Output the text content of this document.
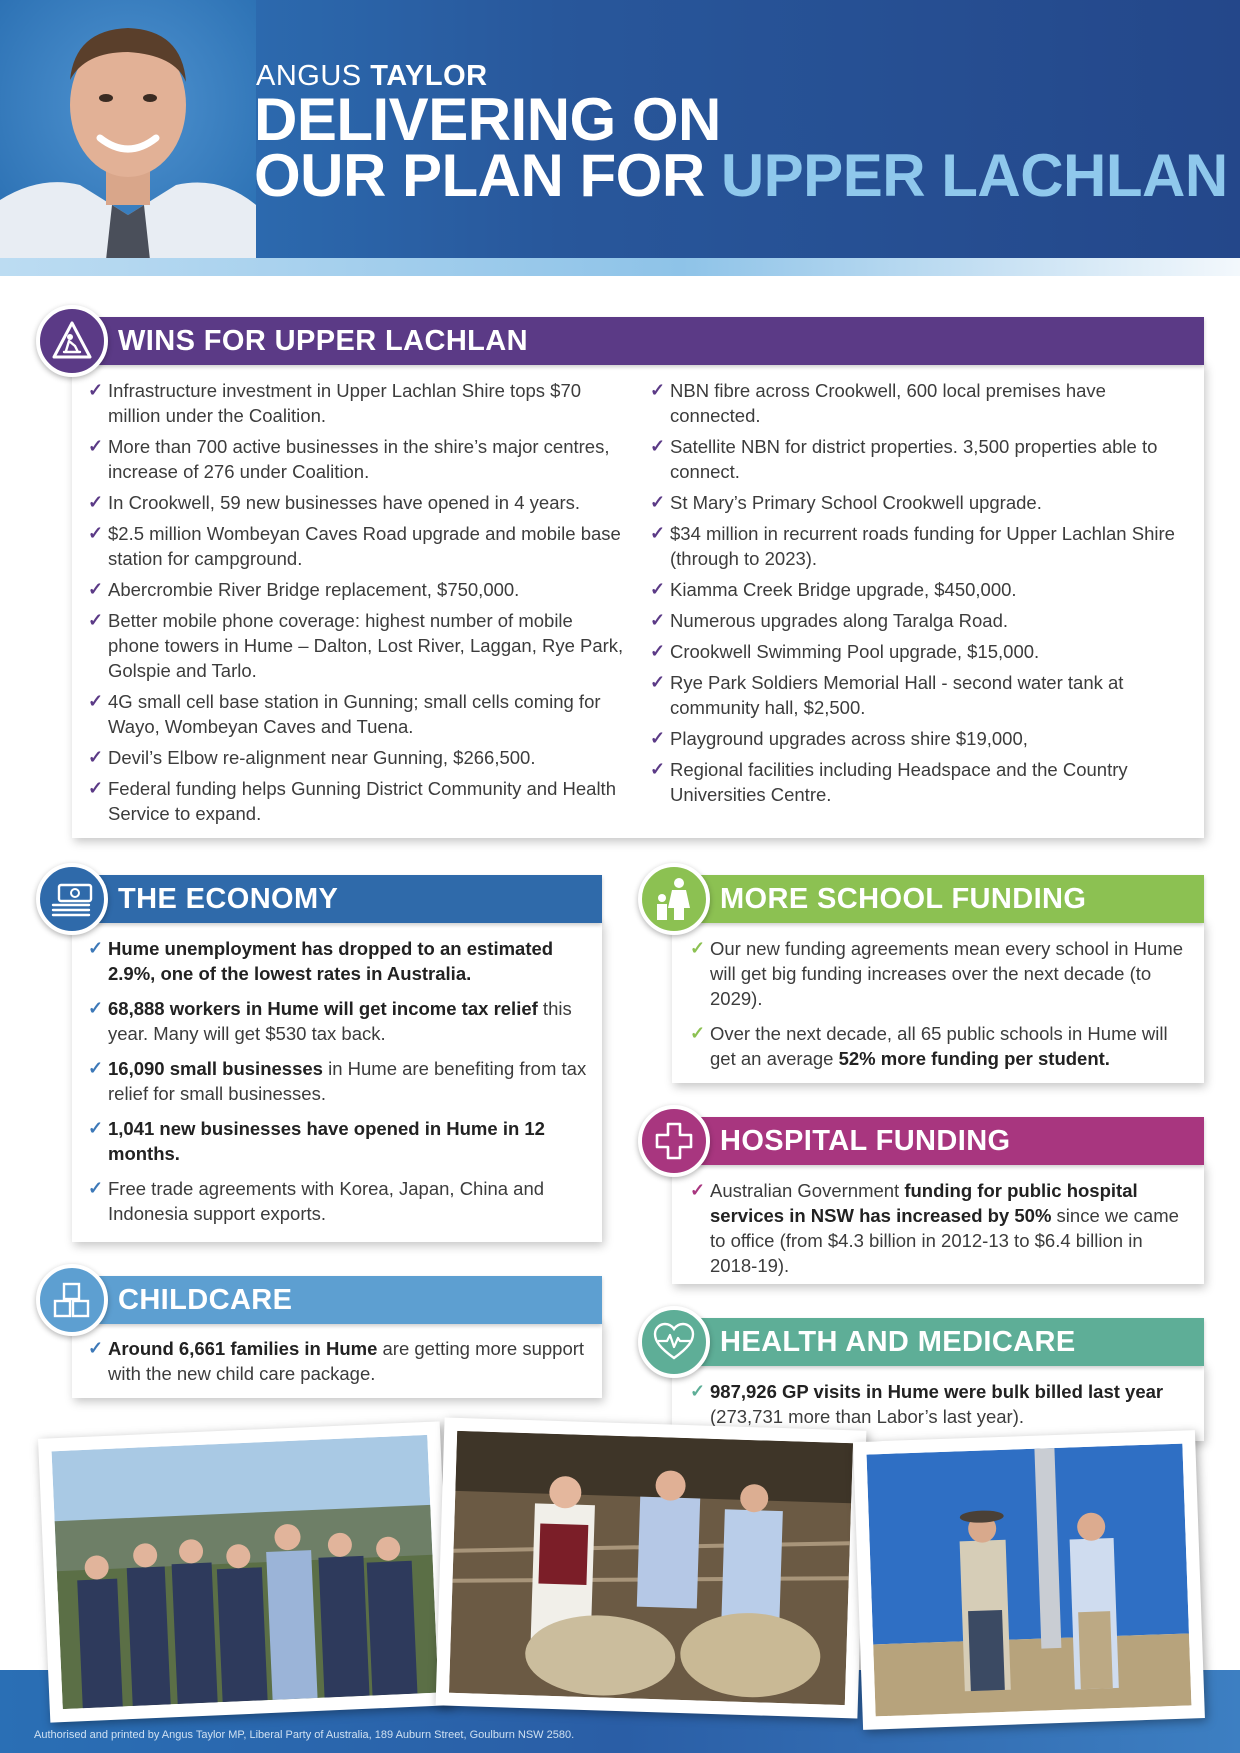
ANGUS TAYLOR
DELIVERING ON
OUR PLAN FOR UPPER LACHLAN
WINS FOR UPPER LACHLAN
✓ Infrastructure investment in Upper Lachlan Shire tops $70 million under the Coalition.
✓ More than 700 active businesses in the shire’s major centres, increase of 276 under Coalition.
✓ In Crookwell, 59 new businesses have opened in 4 years.
✓ $2.5 million Wombeyan Caves Road upgrade and mobile base station for campground.
✓ Abercrombie River Bridge replacement, $750,000.
✓ Better mobile phone coverage: highest number of mobile phone towers in Hume – Dalton, Lost River, Laggan, Rye Park, Golspie and Tarlo.
✓ 4G small cell base station in Gunning; small cells coming for Wayo, Wombeyan Caves and Tuena.
✓ Devil’s Elbow re-alignment near Gunning, $266,500.
✓ Federal funding helps Gunning District Community and Health Service to expand.
✓ NBN fibre across Crookwell, 600 local premises have connected.
✓ Satellite NBN for district properties. 3,500 properties able to connect.
✓ St Mary’s Primary School Crookwell upgrade.
✓ $34 million in recurrent roads funding for Upper Lachlan Shire (through to 2023).
✓ Kiamma Creek Bridge upgrade, $450,000.
✓ Numerous upgrades along Taralga Road.
✓ Crookwell Swimming Pool upgrade, $15,000.
✓ Rye Park Soldiers Memorial Hall - second water tank at community hall, $2,500.
✓ Playground upgrades across shire $19,000,
✓ Regional facilities including Headspace and the Country Universities Centre.
THE ECONOMY
✓ Hume unemployment has dropped to an estimated 2.9%, one of the lowest rates in Australia.
✓ 68,888 workers in Hume will get income tax relief this year. Many will get $530 tax back.
✓ 16,090 small businesses in Hume are benefiting from tax relief for small businesses.
✓ 1,041 new businesses have opened in Hume in 12 months.
✓ Free trade agreements with Korea, Japan, China and Indonesia support exports.
CHILDCARE
✓ Around 6,661 families in Hume are getting more support with the new child care package.
MORE SCHOOL FUNDING
✓ Our new funding agreements mean every school in Hume will get big funding increases over the next decade (to 2029).
✓ Over the next decade, all 65 public schools in Hume will get an average 52% more funding per student.
HOSPITAL FUNDING
✓ Australian Government funding for public hospital services in NSW has increased by 50% since we came to office (from $4.3 billion in 2012-13 to $6.4 billion in 2018-19).
HEALTH AND MEDICARE
✓ 987,926 GP visits in Hume were bulk billed last year (273,731 more than Labor’s last year).
Authorised and printed by Angus Taylor MP, Liberal Party of Australia, 189 Auburn Street, Goulburn NSW 2580.
